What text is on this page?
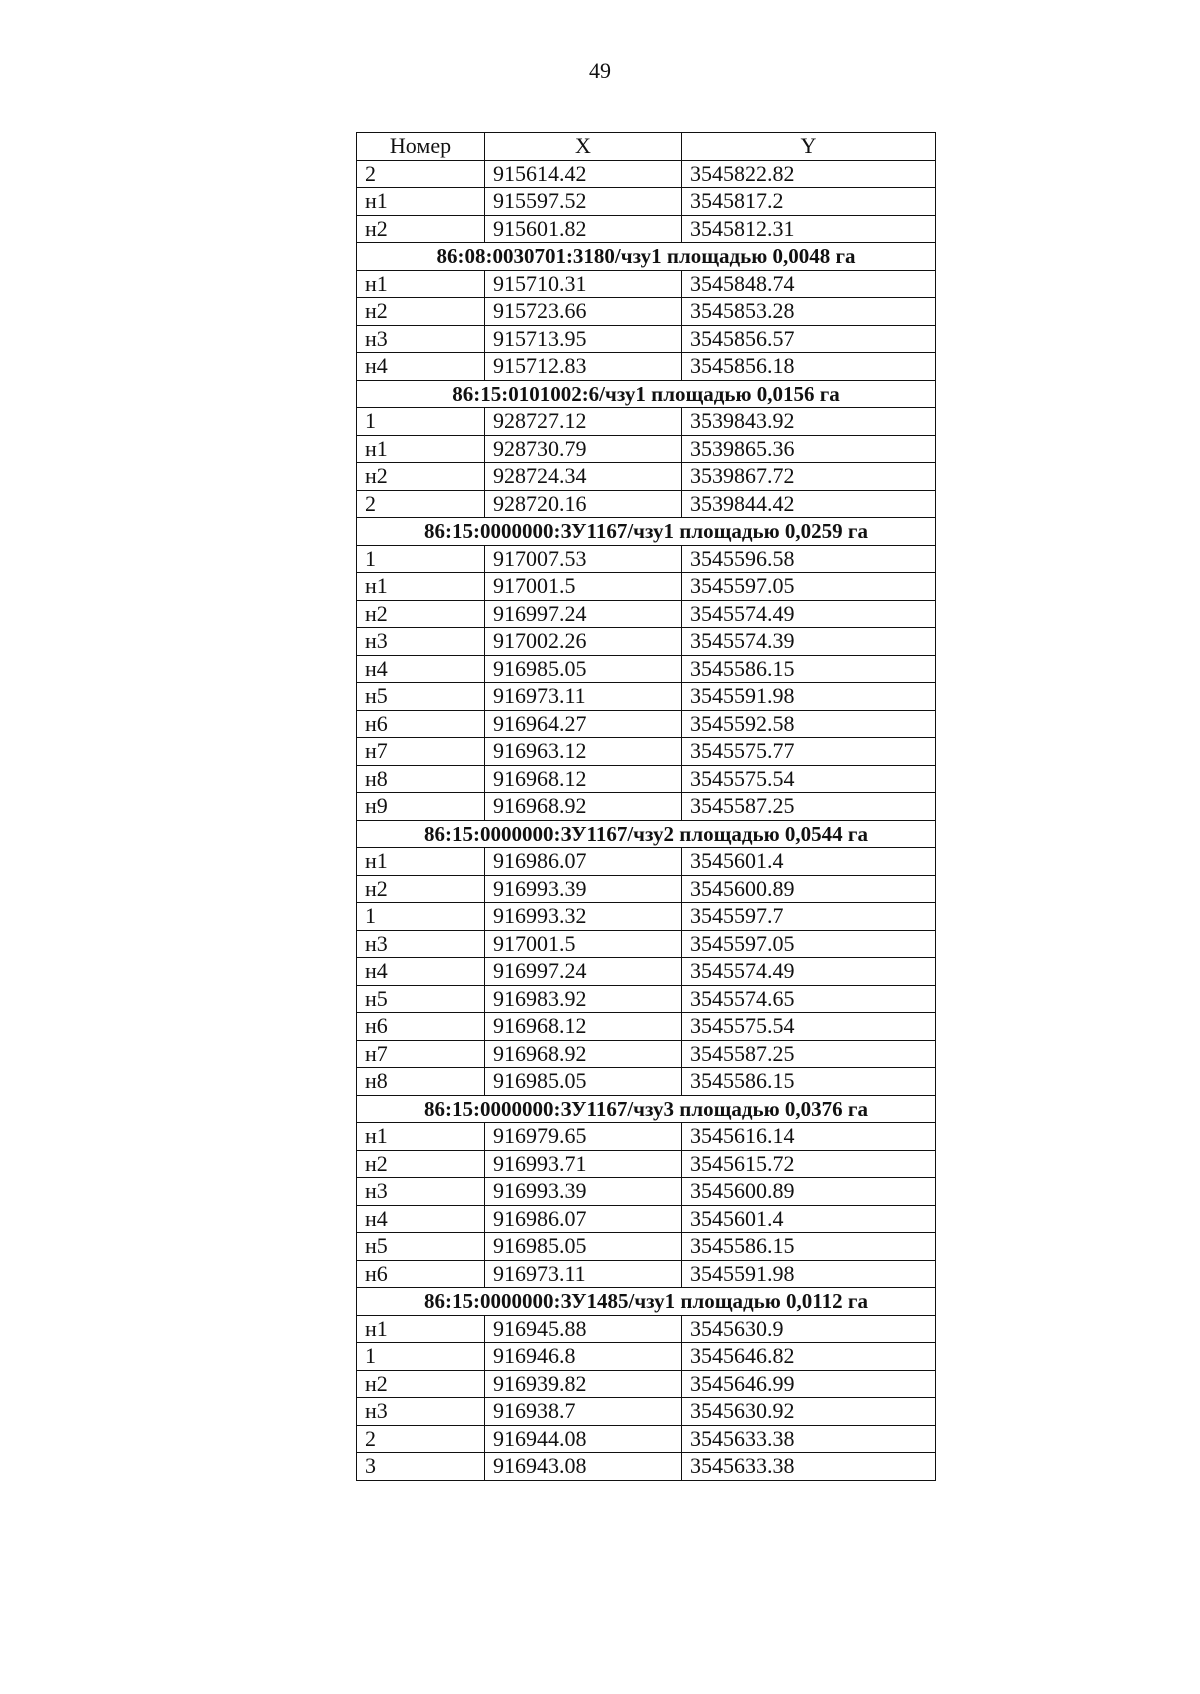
49
Номер	X	Y
2	915614.42	3545822.82
н1	915597.52	3545817.2
н2	915601.82	3545812.31
86:08:0030701:3180/чзу1 площадью 0,0048 га		
н1	915710.31	3545848.74
н2	915723.66	3545853.28
н3	915713.95	3545856.57
н4	915712.83	3545856.18
86:15:0101002:6/чзу1 площадью 0,0156 га		
1	928727.12	3539843.92
н1	928730.79	3539865.36
н2	928724.34	3539867.72
2	928720.16	3539844.42
86:15:0000000:ЗУ1167/чзу1 площадью 0,0259 га		
1	917007.53	3545596.58
н1	917001.5	3545597.05
н2	916997.24	3545574.49
н3	917002.26	3545574.39
н4	916985.05	3545586.15
н5	916973.11	3545591.98
н6	916964.27	3545592.58
н7	916963.12	3545575.77
н8	916968.12	3545575.54
н9	916968.92	3545587.25
86:15:0000000:ЗУ1167/чзу2 площадью 0,0544 га		
н1	916986.07	3545601.4
н2	916993.39	3545600.89
1	916993.32	3545597.7
н3	917001.5	3545597.05
н4	916997.24	3545574.49
н5	916983.92	3545574.65
н6	916968.12	3545575.54
н7	916968.92	3545587.25
н8	916985.05	3545586.15
86:15:0000000:ЗУ1167/чзу3 площадью 0,0376 га		
н1	916979.65	3545616.14
н2	916993.71	3545615.72
н3	916993.39	3545600.89
н4	916986.07	3545601.4
н5	916985.05	3545586.15
н6	916973.11	3545591.98
86:15:0000000:ЗУ1485/чзу1 площадью 0,0112 га		
н1	916945.88	3545630.9
1	916946.8	3545646.82
н2	916939.82	3545646.99
н3	916938.7	3545630.92
2	916944.08	3545633.38
3	916943.08	3545633.38
